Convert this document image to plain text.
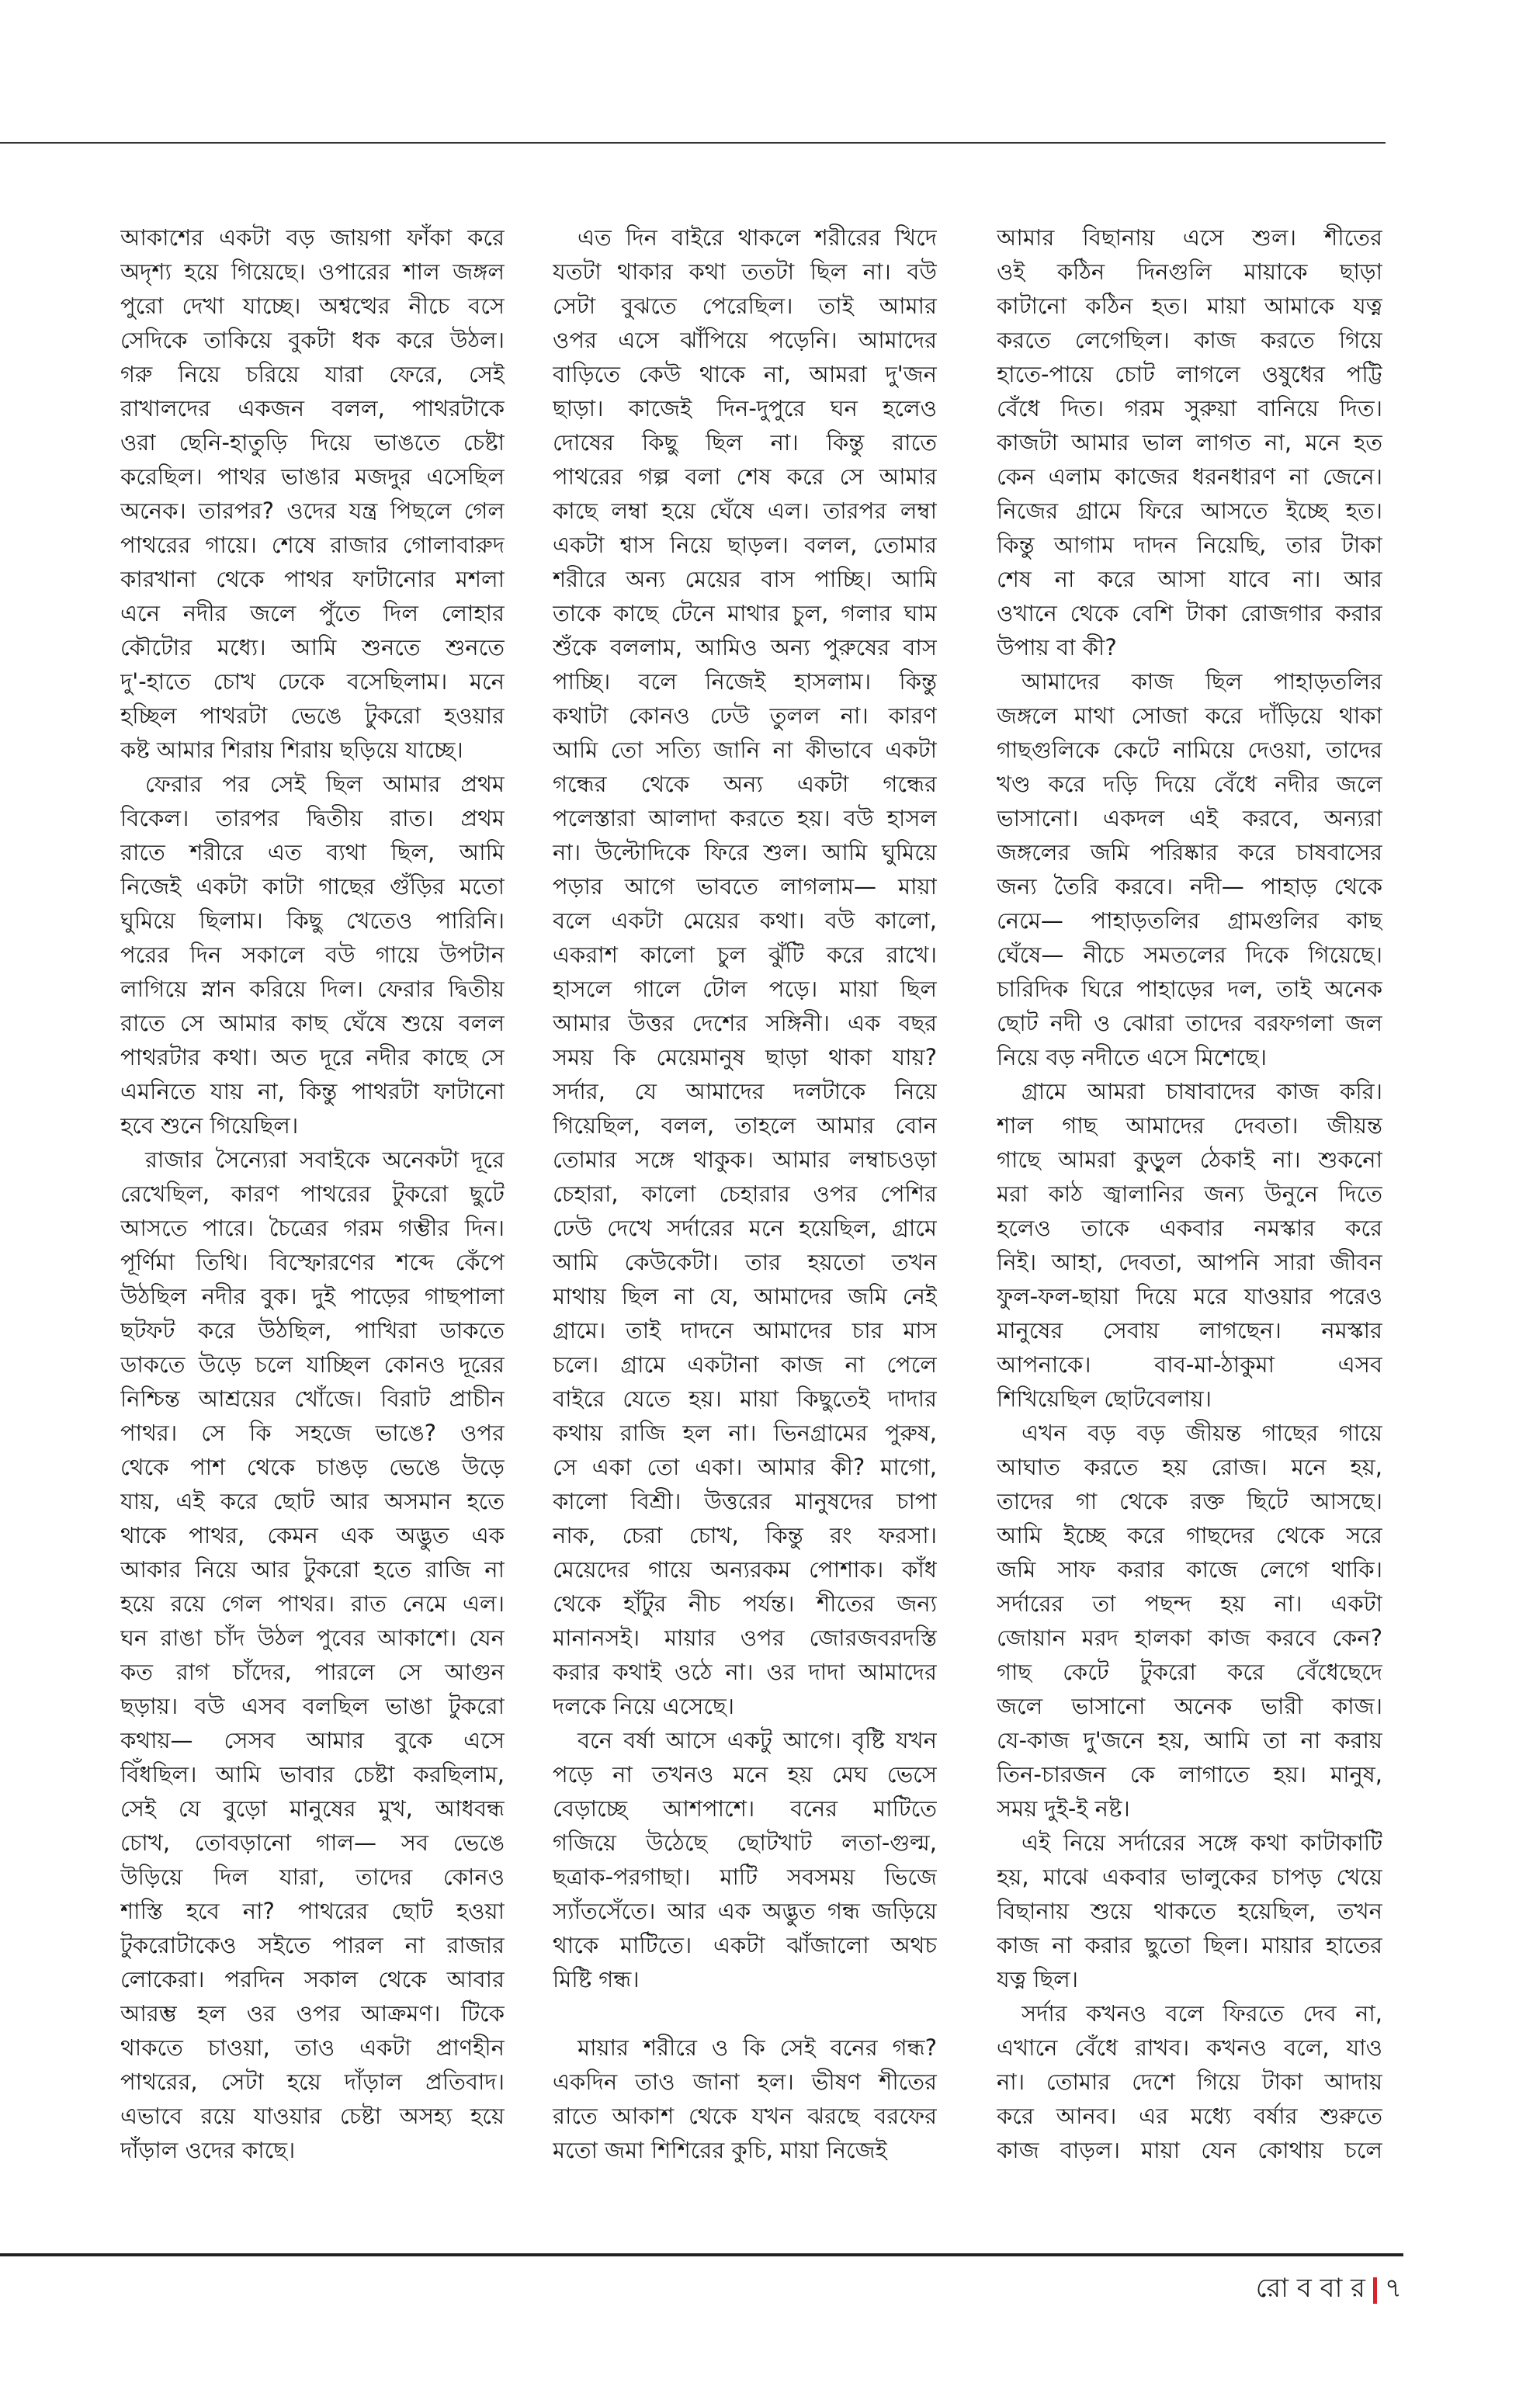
আকাশের একটা বড় জায়গা ফাঁকা করে
অদৃশ্য হয়ে গিয়েছে। ওপারের শাল জঙ্গল
পুরো দেখা যাচ্ছে। অশ্বত্থের নীচে বসে
সেদিকে তাকিয়ে বুকটা ধক করে উঠল।
গরু নিয়ে চরিয়ে যারা ফেরে, সেই
রাখালদের একজন বলল, পাথরটাকে
ওরা ছেনি-হাতুড়ি দিয়ে ভাঙতে চেষ্টা
করেছিল। পাথর ভাঙার মজদুর এসেছিল
অনেক। তারপর? ওদের যন্ত্র পিছলে গেল
পাথরের গায়ে। শেষে রাজার গোলাবারুদ
কারখানা থেকে পাথর ফাটানোর মশলা
এনে নদীর জলে পুঁতে দিল লোহার
কৌটোর মধ্যে। আমি শুনতে শুনতে
দু'-হাতে চোখ ঢেকে বসেছিলাম। মনে
হচ্ছিল পাথরটা ভেঙে টুকরো হওয়ার
কষ্ট আমার শিরায় শিরায় ছড়িয়ে যাচ্ছে।
ফেরার পর সেই ছিল আমার প্রথম
বিকেল। তারপর দ্বিতীয় রাত। প্রথম
রাতে শরীরে এত ব্যথা ছিল, আমি
নিজেই একটা কাটা গাছের গুঁড়ির মতো
ঘুমিয়ে ছিলাম। কিছু খেতেও পারিনি।
পরের দিন সকালে বউ গায়ে উপটান
লাগিয়ে স্নান করিয়ে দিল। ফেরার দ্বিতীয়
রাতে সে আমার কাছ ঘেঁষে শুয়ে বলল
পাথরটার কথা। অত দূরে নদীর কাছে সে
এমনিতে যায় না, কিন্তু পাথরটা ফাটানো
হবে শুনে গিয়েছিল।
রাজার সৈন্যেরা সবাইকে অনেকটা দূরে
রেখেছিল, কারণ পাথরের টুকরো ছুটে
আসতে পারে। চৈত্রের গরম গম্ভীর দিন।
পূর্ণিমা তিথি। বিস্ফোরণের শব্দে কেঁপে
উঠছিল নদীর বুক। দুই পাড়ের গাছপালা
ছটফট করে উঠছিল, পাখিরা ডাকতে
ডাকতে উড়ে চলে যাচ্ছিল কোনও দূরের
নিশ্চিন্ত আশ্রয়ের খোঁজে। বিরাট প্রাচীন
পাথর। সে কি সহজে ভাঙে? ওপর
থেকে পাশ থেকে চাঙড় ভেঙে উড়ে
যায়, এই করে ছোট আর অসমান হতে
থাকে পাথর, কেমন এক অদ্ভুত এক
আকার নিয়ে আর টুকরো হতে রাজি না
হয়ে রয়ে গেল পাথর। রাত নেমে এল।
ঘন রাঙা চাঁদ উঠল পুবের আকাশে। যেন
কত রাগ চাঁদের, পারলে সে আগুন
ছড়ায়। বউ এসব বলছিল ভাঙা টুকরো
কথায়— সেসব আমার বুকে এসে
বিঁধছিল। আমি ভাবার চেষ্টা করছিলাম,
সেই যে বুড়ো মানুষের মুখ, আধবন্ধ
চোখ, তোবড়ানো গাল— সব ভেঙে
উড়িয়ে দিল যারা, তাদের কোনও
শাস্তি হবে না? পাথরের ছোট হওয়া
টুকরোটাকেও সইতে পারল না রাজার
লোকেরা। পরদিন সকাল থেকে আবার
আরম্ভ হল ওর ওপর আক্রমণ। টিকে
থাকতে চাওয়া, তাও একটা প্রাণহীন
পাথরের, সেটা হয়ে দাঁড়াল প্রতিবাদ।
এভাবে রয়ে যাওয়ার চেষ্টা অসহ্য হয়ে
দাঁড়াল ওদের কাছে।
এত দিন বাইরে থাকলে শরীরের খিদে
যতটা থাকার কথা ততটা ছিল না। বউ
সেটা বুঝতে পেরেছিল। তাই আমার
ওপর এসে ঝাঁপিয়ে পড়েনি। আমাদের
বাড়িতে কেউ থাকে না, আমরা দু'জন
ছাড়া। কাজেই দিন-দুপুরে ঘন হলেও
দোষের কিছু ছিল না। কিন্তু রাতে
পাথরের গল্প বলা শেষ করে সে আমার
কাছে লম্বা হয়ে ঘেঁষে এল। তারপর লম্বা
একটা শ্বাস নিয়ে ছাড়ল। বলল, তোমার
শরীরে অন্য মেয়ের বাস পাচ্ছি। আমি
তাকে কাছে টেনে মাথার চুল, গলার ঘাম
শুঁকে বললাম, আমিও অন্য পুরুষের বাস
পাচ্ছি। বলে নিজেই হাসলাম। কিন্তু
কথাটা কোনও ঢেউ তুলল না। কারণ
আমি তো সত্যি জানি না কীভাবে একটা
গন্ধের থেকে অন্য একটা গন্ধের
পলেস্তারা আলাদা করতে হয়। বউ হাসল
না। উল্টোদিকে ফিরে শুল। আমি ঘুমিয়ে
পড়ার আগে ভাবতে লাগলাম— মায়া
বলে একটা মেয়ের কথা। বউ কালো,
একরাশ কালো চুল ঝুঁটি করে রাখে।
হাসলে গালে টোল পড়ে। মায়া ছিল
আমার উত্তর দেশের সঙ্গিনী। এক বছর
সময় কি মেয়েমানুষ ছাড়া থাকা যায়?
সর্দার, যে আমাদের দলটাকে নিয়ে
গিয়েছিল, বলল, তাহলে আমার বোন
তোমার সঙ্গে থাকুক। আমার লম্বাচওড়া
চেহারা, কালো চেহারার ওপর পেশির
ঢেউ দেখে সর্দারের মনে হয়েছিল, গ্রামে
আমি কেউকেটা। তার হয়তো তখন
মাথায় ছিল না যে, আমাদের জমি নেই
গ্রামে। তাই দাদনে আমাদের চার মাস
চলে। গ্রামে একটানা কাজ না পেলে
বাইরে যেতে হয়। মায়া কিছুতেই দাদার
কথায় রাজি হল না। ভিনগ্রামের পুরুষ,
সে একা তো একা। আমার কী? মাগো,
কালো বিশ্রী। উত্তরের মানুষদের চাপা
নাক, চেরা চোখ, কিন্তু রং ফরসা।
মেয়েদের গায়ে অন্যরকম পোশাক। কাঁধ
থেকে হাঁটুর নীচ পর্যন্ত। শীতের জন্য
মানানসই। মায়ার ওপর জোরজবরদস্তি
করার কথাই ওঠে না। ওর দাদা আমাদের
দলকে নিয়ে এসেছে।
বনে বর্ষা আসে একটু আগে। বৃষ্টি যখন
পড়ে না তখনও মনে হয় মেঘ ভেসে
বেড়াচ্ছে আশপাশে। বনের মাটিতে
গজিয়ে উঠেছে ছোটখাট লতা-গুল্ম,
ছত্রাক-পরগাছা। মাটি সবসময় ভিজে
স্যাঁতসেঁতে। আর এক অদ্ভুত গন্ধ জড়িয়ে
থাকে মাটিতে। একটা ঝাঁজালো অথচ
মিষ্টি গন্ধ।
মায়ার শরীরে ও কি সেই বনের গন্ধ?
একদিন তাও জানা হল। ভীষণ শীতের
রাতে আকাশ থেকে যখন ঝরছে বরফের
মতো জমা শিশিরের কুচি, মায়া নিজেই
আমার বিছানায় এসে শুল। শীতের
ওই কঠিন দিনগুলি মায়াকে ছাড়া
কাটানো কঠিন হত। মায়া আমাকে যত্ন
করতে লেগেছিল। কাজ করতে গিয়ে
হাতে-পায়ে চোট লাগলে ওষুধের পট্টি
বেঁধে দিত। গরম সুরুয়া বানিয়ে দিত।
কাজটা আমার ভাল লাগত না, মনে হত
কেন এলাম কাজের ধরনধারণ না জেনে।
নিজের গ্রামে ফিরে আসতে ইচ্ছে হত।
কিন্তু আগাম দাদন নিয়েছি, তার টাকা
শেষ না করে আসা যাবে না। আর
ওখানে থেকে বেশি টাকা রোজগার করার
উপায় বা কী?
আমাদের কাজ ছিল পাহাড়তলির
জঙ্গলে মাথা সোজা করে দাঁড়িয়ে থাকা
গাছগুলিকে কেটে নামিয়ে দেওয়া, তাদের
খণ্ড করে দড়ি দিয়ে বেঁধে নদীর জলে
ভাসানো। একদল এই করবে, অন্যরা
জঙ্গলের জমি পরিষ্কার করে চাষবাসের
জন্য তৈরি করবে। নদী— পাহাড় থেকে
নেমে— পাহাড়তলির গ্রামগুলির কাছ
ঘেঁষে— নীচে সমতলের দিকে গিয়েছে।
চারিদিক ঘিরে পাহাড়ের দল, তাই অনেক
ছোট নদী ও ঝোরা তাদের বরফগলা জল
নিয়ে বড় নদীতে এসে মিশেছে।
গ্রামে আমরা চাষাবাদের কাজ করি।
শাল গাছ আমাদের দেবতা। জীয়ন্ত
গাছে আমরা কুড়ুল ঠেকাই না। শুকনো
মরা কাঠ জ্বালানির জন্য উনুনে দিতে
হলেও তাকে একবার নমস্কার করে
নিই। আহা, দেবতা, আপনি সারা জীবন
ফুল-ফল-ছায়া দিয়ে মরে যাওয়ার পরেও
মানুষের সেবায় লাগছেন। নমস্কার
আপনাকে। বাব-মা-ঠাকুমা এসব
শিখিয়েছিল ছোটবেলায়।
এখন বড় বড় জীয়ন্ত গাছের গায়ে
আঘাত করতে হয় রোজ। মনে হয়,
তাদের গা থেকে রক্ত ছিটে আসছে।
আমি ইচ্ছে করে গাছদের থেকে সরে
জমি সাফ করার কাজে লেগে থাকি।
সর্দারের তা পছন্দ হয় না। একটা
জোয়ান মরদ হালকা কাজ করবে কেন?
গাছ কেটে টুকরো করে বেঁধেছেদে
জলে ভাসানো অনেক ভারী কাজ।
যে-কাজ দু'জনে হয়, আমি তা না করায়
তিন-চারজন কে লাগাতে হয়। মানুষ,
সময় দুই-ই নষ্ট।
এই নিয়ে সর্দারের সঙ্গে কথা কাটাকাটি
হয়, মাঝে একবার ভালুকের চাপড় খেয়ে
বিছানায় শুয়ে থাকতে হয়েছিল, তখন
কাজ না করার ছুতো ছিল। মায়ার হাতের
যত্ন ছিল।
সর্দার কখনও বলে ফিরতে দেব না,
এখানে বেঁধে রাখব। কখনও বলে, যাও
না। তোমার দেশে গিয়ে টাকা আদায়
করে আনব। এর মধ্যে বর্ষার শুরুতে
কাজ বাড়ল। মায়া যেন কোথায় চলে
রো ব বা র ৭
